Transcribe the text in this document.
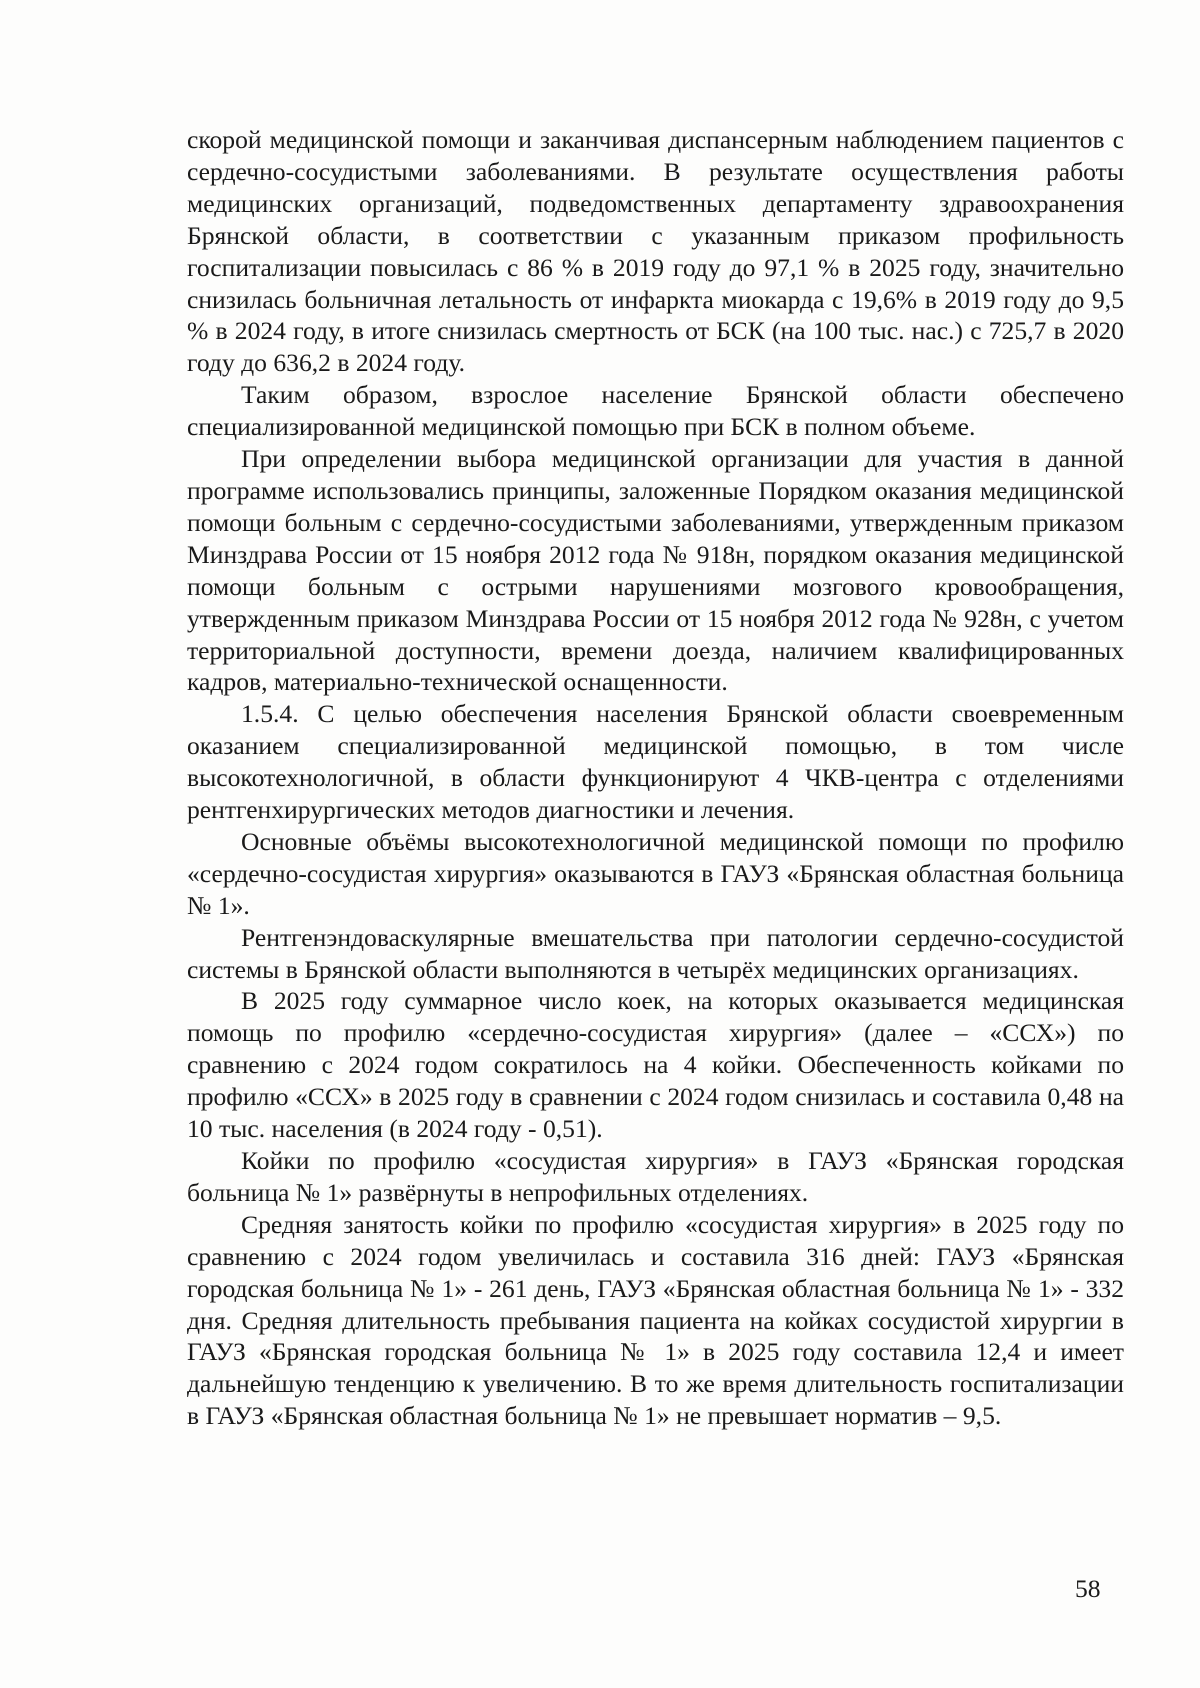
скорой медицинской помощи и заканчивая диспансерным наблюдением пациентов с сердечно-сосудистыми заболеваниями. В результате осуществления работы медицинских организаций, подведомственных департаменту здравоохранения Брянской области, в соответствии с указанным приказом профильность госпитализации повысилась с 86 % в 2019 году до 97,1 % в 2025 году, значительно снизилась больничная летальность от инфаркта миокарда с 19,6% в 2019 году до 9,5 % в 2024 году, в итоге снизилась смертность от БСК (на 100 тыс. нас.) с 725,7 в 2020 году до 636,2 в 2024 году.

Таким образом, взрослое население Брянской области обеспечено специализированной медицинской помощью при БСК в полном объеме.

При определении выбора медицинской организации для участия в данной программе использовались принципы, заложенные Порядком оказания медицинской помощи больным с сердечно-сосудистыми заболеваниями, утвержденным приказом Минздрава России от 15 ноября 2012 года № 918н, порядком оказания медицинской помощи больным с острыми нарушениями мозгового кровообращения, утвержденным приказом Минздрава России от 15 ноября 2012 года № 928н, с учетом территориальной доступности, времени доезда, наличием квалифицированных кадров, материально-технической оснащенности.

1.5.4. С целью обеспечения населения Брянской области своевременным оказанием специализированной медицинской помощью, в том числе высокотехнологичной, в области функционируют 4 ЧКВ-центра с отделениями рентгенхирургических методов диагностики и лечения.

Основные объёмы высокотехнологичной медицинской помощи по профилю «сердечно-сосудистая хирургия» оказываются в ГАУЗ «Брянская областная больница № 1».

Рентгенэндоваскулярные вмешательства при патологии сердечно-сосудистой системы в Брянской области выполняются в четырёх медицинских организациях.

В 2025 году суммарное число коек, на которых оказывается медицинская помощь по профилю «сердечно-сосудистая хирургия» (далее – «ССХ») по сравнению с 2024 годом сократилось на 4 койки. Обеспеченность койками по профилю «ССХ» в 2025 году в сравнении с 2024 годом снизилась и составила 0,48 на 10 тыс. населения (в 2024 году - 0,51).

Койки по профилю «сосудистая хирургия» в ГАУЗ «Брянская городская больница № 1» развёрнуты в непрофильных отделениях.

Средняя занятость койки по профилю «сосудистая хирургия» в 2025 году по сравнению с 2024 годом увеличилась и составила 316 дней: ГАУЗ «Брянская городская больница № 1» - 261 день, ГАУЗ «Брянская областная больница № 1» - 332 дня. Средняя длительность пребывания пациента на койках сосудистой хирургии в ГАУЗ «Брянская городская больница № 1» в 2025 году составила 12,4 и имеет дальнейшую тенденцию к увеличению. В то же время длительность госпитализации в ГАУЗ «Брянская областная больница № 1» не превышает норматив – 9,5.

58
